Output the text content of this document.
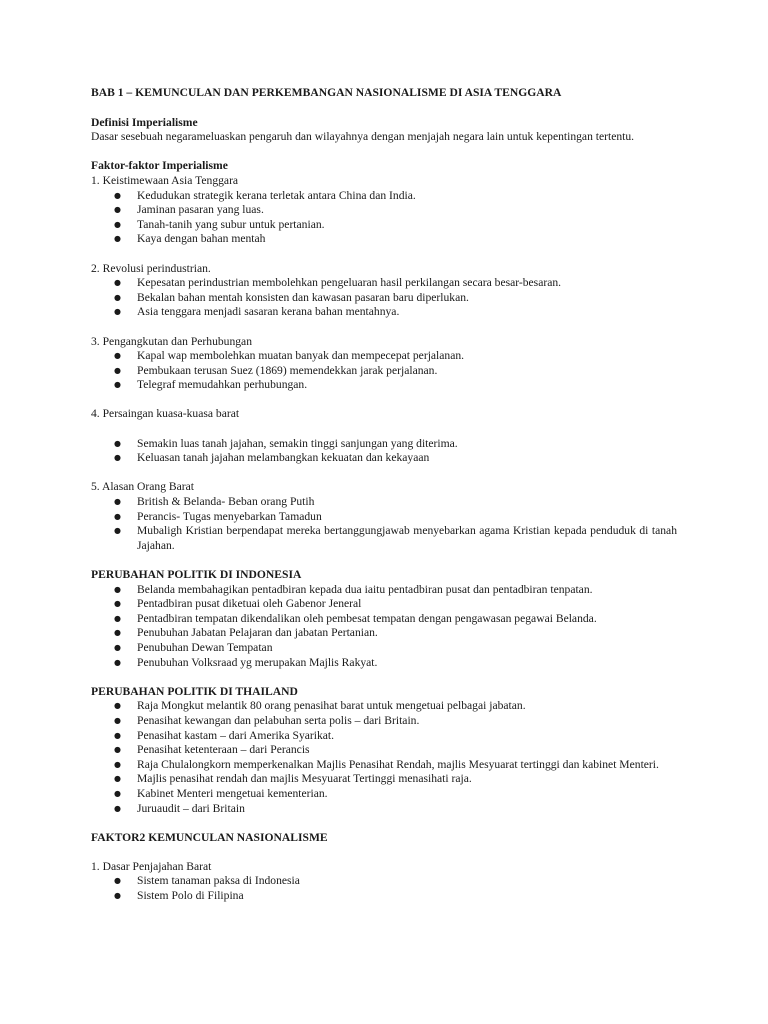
BAB 1 – KEMUNCULAN DAN PERKEMBANGAN NASIONALISME DI ASIA TENGGARA
Definisi Imperialisme

Dasar sesebuah negarameluaskan pengaruh dan wilayahnya dengan menjajah negara lain untuk kepentingan tertentu.

Faktor-faktor Imperialisme
1. Keistimewaan Asia Tenggara
● Kedudukan strategik kerana terletak antara China dan India.
● Jaminan pasaran yang luas.
● Tanah-tanih yang subur untuk pertanian.
● Kaya dengan bahan mentah
2. Revolusi perindustrian.
● Kepesatan perindustrian membolehkan pengeluaran hasil perkilangan secara besar-besaran.
● Bekalan bahan mentah konsisten dan kawasan pasaran baru diperlukan.
● Asia tenggara menjadi sasaran kerana bahan mentahnya.
3. Pengangkutan dan Perhubungan
● Kapal wap membolehkan muatan banyak dan mempecepat perjalanan.
● Pembukaan terusan Suez (1869) memendekkan jarak perjalanan.
● Telegraf memudahkan perhubungan.
4. Persaingan kuasa-kuasa barat
● Semakin luas tanah jajahan, semakin tinggi sanjungan yang diterima.
● Keluasan tanah jajahan melambangkan kekuatan dan kekayaan
5. Alasan Orang Barat
● British & Belanda- Beban orang Putih
● Perancis- Tugas menyebarkan Tamadun
● Mubaligh Kristian berpendapat mereka bertanggungjawab menyebarkan agama Kristian kepada penduduk di tanah Jajahan.
PERUBAHAN POLITIK DI INDONESIA
● Belanda membahagikan pentadbiran kepada dua iaitu pentadbiran pusat dan pentadbiran tenpatan.
● Pentadbiran pusat diketuai oleh Gabenor Jeneral
● Pentadbiran tempatan dikendalikan oleh pembesat tempatan dengan pengawasan pegawai Belanda.
● Penubuhan Jabatan Pelajaran dan jabatan Pertanian.
● Penubuhan Dewan Tempatan
● Penubuhan Volksraad yg merupakan Majlis Rakyat.
PERUBAHAN POLITIK DI THAILAND
● Raja Mongkut melantik 80 orang penasihat barat untuk mengetuai pelbagai jabatan.
● Penasihat kewangan dan pelabuhan serta polis – dari Britain.
● Penasihat kastam – dari Amerika Syarikat.
● Penasihat ketenteraan – dari Perancis
● Raja Chulalongkorn memperkenalkan Majlis Penasihat Rendah, majlis Mesyuarat tertinggi dan kabinet Menteri.
● Majlis penasihat rendah dan majlis Mesyuarat Tertinggi menasihati raja.
● Kabinet Menteri mengetuai kementerian.
● Juruaudit – dari Britain
FAKTOR2 KEMUNCULAN NASIONALISME
1. Dasar Penjajahan Barat
● Sistem tanaman paksa di Indonesia
● Sistem Polo di Filipina
